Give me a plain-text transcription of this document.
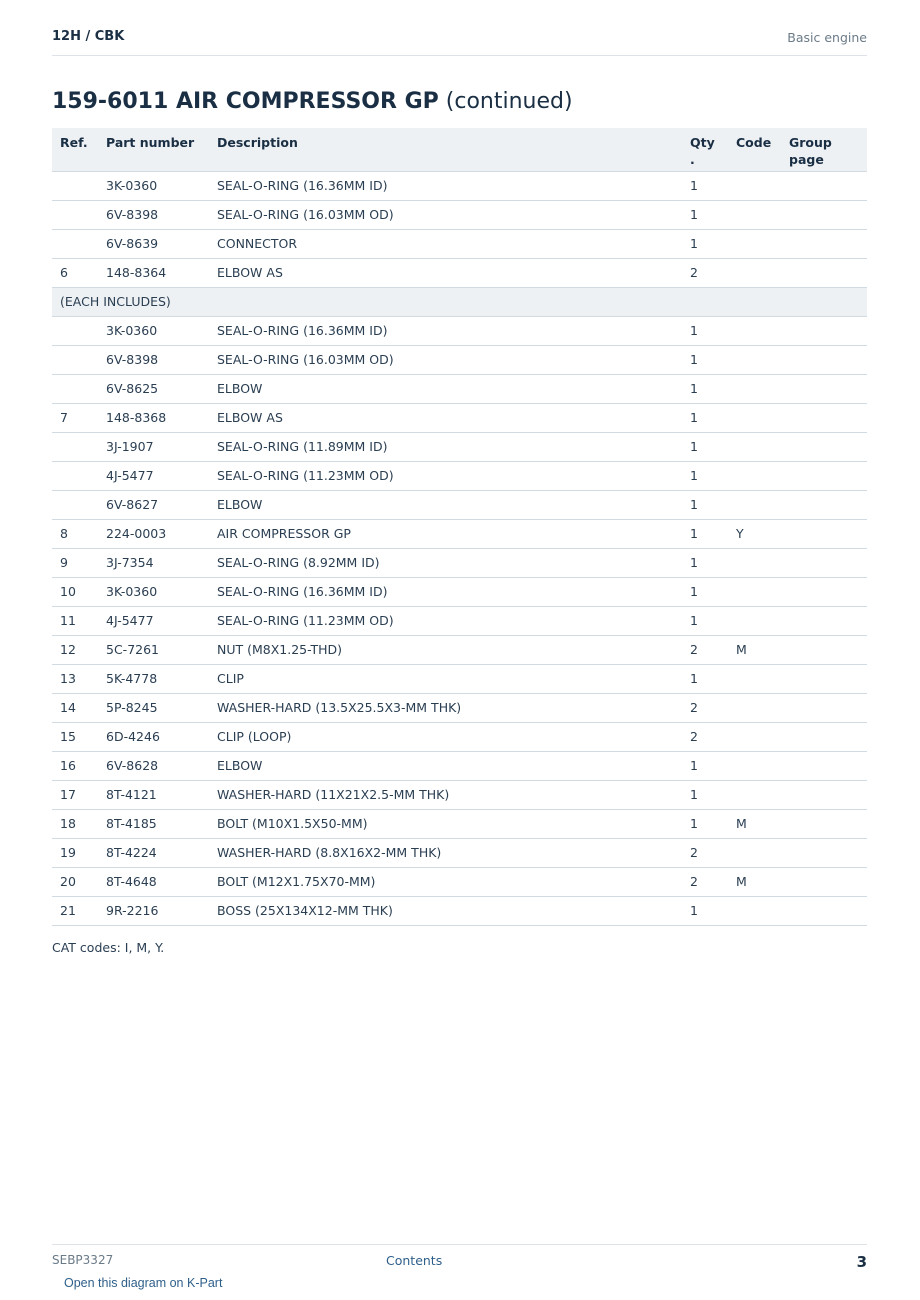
12H / CBK	Basic engine
159-6011 AIR COMPRESSOR GP (continued)
Ref.	Part number	Description	Qty .	Code	Group page
	3K-0360	SEAL-O-RING (16.36MM ID)	1		
	6V-8398	SEAL-O-RING (16.03MM OD)	1		
	6V-8639	CONNECTOR	1		
6	148-8364	ELBOW AS	2		
(EACH INCLUDES)					
	3K-0360	SEAL-O-RING (16.36MM ID)	1		
	6V-8398	SEAL-O-RING (16.03MM OD)	1		
	6V-8625	ELBOW	1		
7	148-8368	ELBOW AS	1		
	3J-1907	SEAL-O-RING (11.89MM ID)	1		
	4J-5477	SEAL-O-RING (11.23MM OD)	1		
	6V-8627	ELBOW	1		
8	224-0003	AIR COMPRESSOR GP	1	Y	
9	3J-7354	SEAL-O-RING (8.92MM ID)	1		
10	3K-0360	SEAL-O-RING (16.36MM ID)	1		
11	4J-5477	SEAL-O-RING (11.23MM OD)	1		
12	5C-7261	NUT (M8X1.25-THD)	2	M	
13	5K-4778	CLIP	1		
14	5P-8245	WASHER-HARD (13.5X25.5X3-MM THK)	2		
15	6D-4246	CLIP (LOOP)	2		
16	6V-8628	ELBOW	1		
17	8T-4121	WASHER-HARD (11X21X2.5-MM THK)	1		
18	8T-4185	BOLT (M10X1.5X50-MM)	1	M	
19	8T-4224	WASHER-HARD (8.8X16X2-MM THK)	2		
20	8T-4648	BOLT (M12X1.75X70-MM)	2	M	
21	9R-2216	BOSS (25X134X12-MM THK)	1		
CAT codes: I, M, Y.
SEBP3327	Contents	3
Open this diagram on K-Part
